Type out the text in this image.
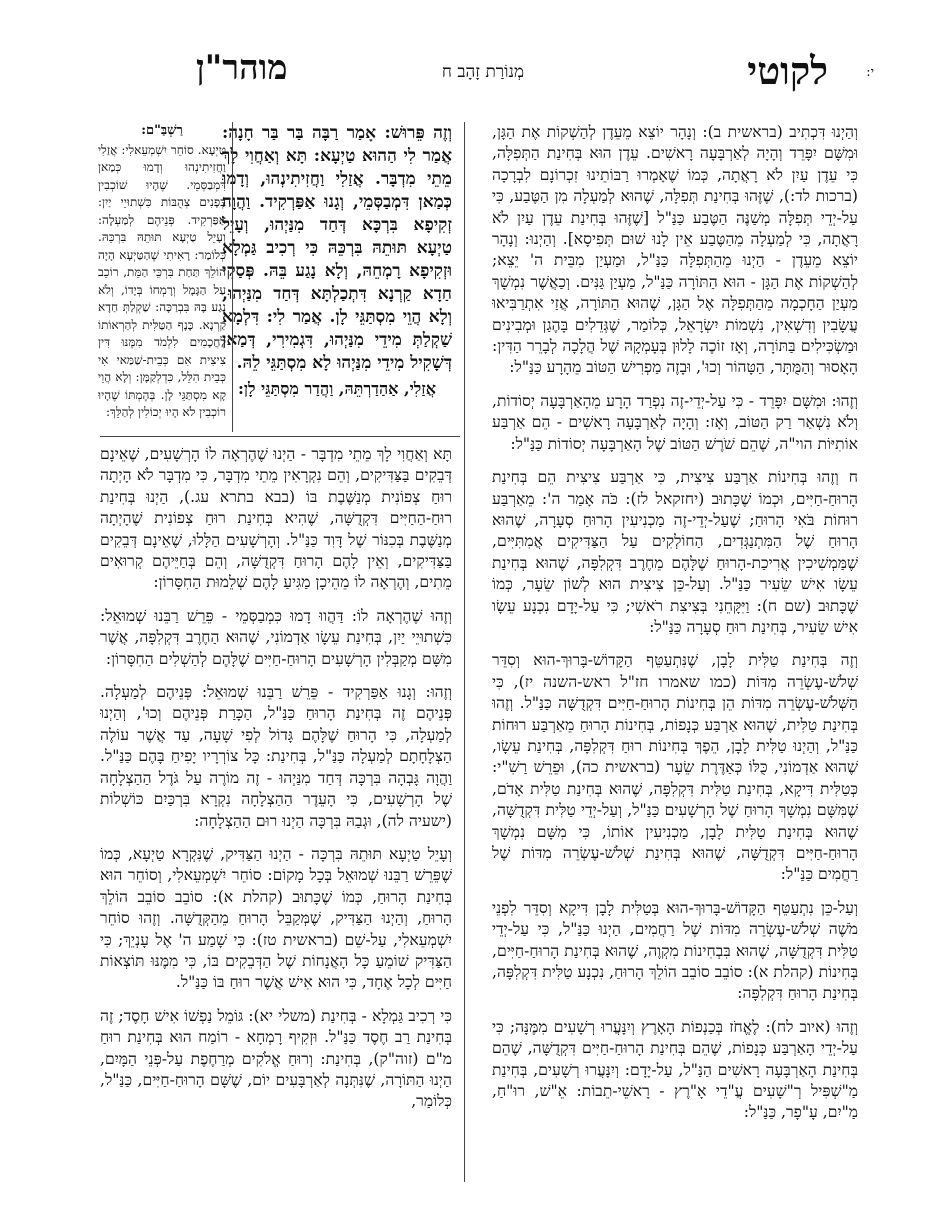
י:
לקוטי
מְנוֹרַת זָהָב ח
מוהר"ן

וְהַיְנוּ דִּכְתִיב (בראשית ב): וְנָהָר יוֹצֵא מֵעֵדֶן לְהַשְׁקוֹת אֶת הַגָּן, וּמִשָּׁם יִפָּרֵד וְהָיָה לְאַרְבָּעָה רָאשִׁים. עֵדֶן הוּא בְּחִינַת הַתְּפִלָּה, כִּי עֵדֶן עַיִן לֹא רָאֲתָה, כְּמוֹ שֶׁאָמְרוּ רַבּוֹתֵינוּ זִכְרוֹנָם לִבְרָכָה (ברכות לד:), שֶׁזֶּהוּ בְּחִינַת תְּפִלָּה, שֶׁהוּא לְמַעְלָה מִן הַטֶּבַע, כִּי עַל-יְדֵי תְּפִלָּה מְשַׁנֶּה הַטֶּבַע כַּנַּ"ל [שֶׁזֶּהוּ בְּחִינַת עֵדֶן עַיִן לֹא רָאֲתָה, כִּי לְמַעְלָה מֵהַטֶּבַע אֵין לָנוּ שׁוּם תְּפִיסָא]. וְהַיְנוּ: וְנָהָר יוֹצֵא מֵעֵדֶן - הַיְנוּ מֵהַתְּפִלָּה כַּנַּ"ל, וּמַעְיַן מִבֵּית ה' יֵצֵא; לְהַשְׁקוֹת אֶת הַגָּן - הוּא הַתּוֹרָה כַּנַּ"ל, מַעְיַן גַּנִּים. וְכַאֲשֶׁר נִמְשָׁךְ מַעְיַן הַחָכְמָה מֵהַתְּפִלָּה אֶל הַגָּן, שֶׁהוּא הַתּוֹרָה, אֲזַי אִתְרַבִּיאוּ עֲשָׂבִין וְדִשְׁאִין, נִשְׁמוֹת יִשְׂרָאֵל, כְּלוֹמַר, שֶׁגְּדֵלִים בָּהֶגַן וּמְבִינִים וּמַשְׂכִּילִים בַּתּוֹרָה, וְאָז זוֹכֶה לָלוּן בְּעָמְקָהּ שֶׁל הֲלָכָה לְבָרֵר הַדִּין: הָאָסוּר וְהַמֻּתָּר, הַטָּהוֹר וְכוּ', וּבָזֶה מַפְרִישׁ הַטּוֹב מֵהָרָע כַּנַּ"ל:

וְזֶהוּ: וּמִשָּׁם יִפָּרֵד - כִּי עַל-יְדֵי-זֶה נִפְרַד הָרָע מֵהָאַרְבָּעָה יְסוֹדוֹת, וְלֹא נִשְׁאַר רַק הַטּוֹב, וְאָז: וְהָיָה לְאַרְבָּעָה רָאשִׁים - הֵם אַרְבַּע אוֹתִיּוֹת הוי"ה, שֶׁהֵם שֹׁרֶשׁ הַטּוֹב שֶׁל הָאַרְבָּעָה יְסוֹדוֹת כַּנַּ"ל:

ח וְזֶהוּ בְּחִינוֹת אַרְבַּע צִיצִית, כִּי אַרְבַּע צִיצִית הֵם בְּחִינַת הָרוּחַ-חַיִּים, וּכְמוֹ שֶׁכָּתוּב (יחזקאל לז): כֹּה אָמַר ה': מֵאַרְבַּע רוּחוֹת בֹּאִי הָרוּחַ; שֶׁעַל-יְדֵי-זֶה מַכְנִיעִין הָרוּחַ סְעָרָה, שֶׁהוּא הָרוּחַ שֶׁל הַמִּתְנַגְּדִים, הַחוֹלְקִים עַל הַצַּדִּיקִים אֲמִתִּיִּים, שֶׁמַּמְשִׁיכִין אֲרִיכַת-הָרוּחַ שֶׁלָּהֶם מֵחֶרֶב דִּקְלִפָּה, שֶׁהוּא בְּחִינַת עֵשָׂו אִישׁ שֵׂעִיר כַּנַּ"ל. וְעַל-כֵּן צִיצִית הוּא לְשׁוֹן שֵׂעָר, כְּמוֹ שֶׁכָּתוּב (שם ח): וַיִּקָּחֵנִי בְּצִיצִת רֹאשִׁי; כִּי עַל-יָדָם נִכְנָע עֵשָׂו אִישׁ שֵׂעִיר, בְּחִינַת רוּחַ סְעָרָה כַּנַּ"ל:

וְזֶה בְּחִינַת טַלִּית לָבָן, שֶׁנִּתְעַטֵּף הַקָּדוֹשׁ-בָּרוּךְ-הוּא וְסִדֵּר שְׁלֹשׁ-עֶשְׂרֵה מִדּוֹת (כמו שאמרו חז"ל ראש-השנה יז), כִּי הַשְּׁלֹשׁ-עֶשְׂרֵה מִדּוֹת הֵן בְּחִינוֹת הָרוּחַ-חַיִּים דִּקְדֻשָּׁה כַּנַּ"ל. וְזֶהוּ בְּחִינַת טַלִּית, שֶׁהוּא אַרְבַּע כְּנָפוֹת, בְּחִינוֹת הָרוּחַ מֵאַרְבַּע רוּחוֹת כַּנַּ"ל, וְהַיְנוּ טַלִּית לָבָן, הֵפֶךְ בְּחִינוֹת רוּחַ דִּקְלִפָּה, בְּחִינַת עֵשָׂו, שֶׁהוּא אַדְמוֹנִי, כֻּלּוֹ כְּאַדֶּרֶת שֵׂעָר (בראשית כה), וּפֵרֵשׁ רַשִׁ"י: כְּטַלִּית דִּיקָא, בְּחִינַת טַלִּית דִּקְלִפָּה, שֶׁהוּא בְּחִינַת טַלִּית אָדֹם, שֶׁמִּשָּׁם נִמְשָׁךְ הָרוּחַ שֶׁל הָרְשָׁעִים כַּנַּ"ל, וְעַל-יְדֵי טַלִּית דִּקְדֻשָּׁה, שֶׁהוּא בְּחִינַת טַלִּית לָבָן, מַכְנִיעִין אוֹתוֹ, כִּי מִשָּׁם נִמְשָׁךְ הָרוּחַ-חַיִּים דִּקְדֻשָּׁה, שֶׁהוּא בְּחִינַת שְׁלֹשׁ-עֶשְׂרֵה מִדּוֹת שֶׁל רַחֲמִים כַּנַּ"ל:

וְעַל-כֵּן נִתְעַטֵּף הַקָּדוֹשׁ-בָּרוּךְ-הוּא בְּטַלִּית לָבָן דִּיקָא וְסִדֵּר לִפְנֵי מֹשֶׁה שְׁלֹשׁ-עֶשְׂרֵה מִדּוֹת שֶׁל רַחֲמִים, הַיְנוּ כַּנַּ"ל, כִּי עַל-יְדֵי טַלִּית דִּקְדֻשָּׁה, שֶׁהוּא בִּבְחִינוֹת מִקְוֶה, שֶׁהוּא בְּחִינַת הָרוּחַ-חַיִּים, בְּחִינוֹת (קהלת א): סוֹבֵב סוֹבֵב הוֹלֵךְ הָרוּחַ, נִכְנָע טַלִּית דִּקְלִפָּה, בְּחִינַת הָרוּחַ דִּקְלִפָּה:

וְזֶהוּ (איוב לח): לֶאֱחֹז בְּכַנְפוֹת הָאָרֶץ וְיִנָּעֲרוּ רְשָׁעִים מִמֶּנָּה; כִּי עַל-יְדֵי הָאַרְבַּע כְּנָפוֹת, שֶׁהֵם בְּחִינַת הָרוּחַ-חַיִּים דִּקְדֻשָּׁה, שֶׁהֵם בְּחִינַת הָאַרְבָּעָה רָאשִׁים הַנַּ"ל, עַל-יָדָם: וְיִנָּעֲרוּ רְשָׁעִים, בְּחִינַת מַ"שְׁפִּיל רְ"שָׁעִים עֲ"דֵי אָ"רֶץ - רָאשֵׁי-תֵבוֹת: אֵ"שׁ, רוּ"חַ, מַ"יִם, עָ"פָר, כַּנַּ"ל:

וְזֶה פֵּרוּשׁ: אָמַר רַבָּה בַּר בַּר חָנָה: אֲמַר לִי הַהוּא טַיְעָא: תָּא וְאַחֲוִי לָךְ מֵתֵי מִדְבָּר. אֲזַלִי וַחֲזִיתִינְהוּ, וְדָמוּ כְּמַאן דִּמְבַסְּמֵי, וְגָנוּ אַפַּרְקִיד. וַהֲוָה זְקִיפָא בִּרְכָּא דְּחַד מִנַּיְהוּ, וְעָיֵל טַיְעָא תּוּתֵהּ בִּרְכֵּהּ כִּי רְכִיב גַּמְלָא וּזְקִיפָא רָמְחֵהּ, וְלָא נָגַע בֵּהּ. פְּסַקִי חַדָא קַרְנָא דִּתְכַלְתָּא דְּחַד מִנַּיְהוּ, וְלָא הֲוֵי מִסְתַּגֵּי לָן. אֲמַר לִי: דִּלְמָא שַׁקְלַתְּ מִידֵי מִנַּיְהוּ, דִּגְמִירִי, דְּמַאן דְּשָׁקִיל מִידֵי מִנַּיְהוּ לָא מִסְתַּגֵּי לֵהּ.

אֲזַלִי, אַהַדַרְתֵּהּ, וַהֲדַר מִסְתַּגֵּי לָן:
רַשְׁבַּ"ם:
טַיְעָא. סוֹחֵר יִשְׁמְעֵאלִי: אֲזַלִי וַחֲזִיתִינְהוּ וְדָמוּ כְּמַאן דִּמְבַסְּמֵי. שֶׁהָיוּ שׁוֹכְבִין בְּפָנִים צְהֻבּוֹת כִּשְׁתוּיֵי יַיִן: אַפַּרְקִיד. פְּנֵיהֶם לְמַעְלָה: וְעָיֵל טַיְעָא תּוּתֵהּ בִּרְכֵּהּ. כְּלוֹמַר: רָאִיתִי שֶׁהַטַּיְעָא הָיָה הוֹלֵךְ תַּחַת בִּרְכֵּי הַמֵּת, רוֹכֵב עַל הַגָּמָל וְרָמְחוֹ בְּיָדוֹ, וְלֹא נָגַע בָּהּ בִּבְרַכָּה: שַׁקְלַתְּ חַדָא קַרְנָא. כָּנָף הַטַּלִּית לְהַרְאוֹתוֹ לַחֲכָמִים לִלְמֹד מִמֶּנּוּ דִּין צִיצִית אִם כְּבֵית-שַׁמַּאי אִי כְּבֵית הִלֵּל, כִּדְלְקַמָּן: וְלָא הֲוֵי קָא מִסְתַּגֵּי לָן. בְּהֶמְתּוֹ שֶׁהָיוּ רוֹכְבִין לֹא הָיוּ יְכוֹלִין לְהַלֵּךְ:

תָּא וְאַחֲוִי לָךְ מֵתֵי מִדְבָּר - הַיְנוּ שֶׁהֶרְאָה לוֹ הָרְשָׁעִים, שֶׁאֵינָם דְּבֵקִים בַּצַּדִּיקִים, וְהֵם נִקְרָאִין מֵתֵי מִדְבָּר, כִּי מִדְבָּר לֹא הָיְתָה רוּחַ צְפוֹנִית מְנַשֶּׁבֶת בּוֹ (בבא בתרא עג.), הַיְנוּ בְּחִינַת רוּחַ-הַחַיִּים דִּקְדֻשָּׁה, שֶׁהִיא בְּחִינַת רוּחַ צְפוֹנִית שֶׁהָיְתָה מְנַשֶּׁבֶת בְּכִנּוֹר שֶׁל דָּוִד כַּנַּ"ל. וְהָרְשָׁעִים הַלָּלוּ, שֶׁאֵינָם דְּבֵקִים בַּצַּדִּיקִים, וְאֵין לָהֶם הָרוּחַ דִּקְדֻשָּׁה, וְהֵם בְּחַיֵּיהֶם קְרוּאִים מֵתִים, וְהֶרְאָה לוֹ מֵהֵיכָן מַגִּיעַ לָהֶם שְׁלֵמוּת הַחִסָּרוֹן:

וְזֶהוּ שֶׁהֶרְאָה לוֹ: דַּהֲווּ דָמוּ כִּמְבַסְּמֵי - פֵּרֵשׁ רַבֵּנוּ שְׁמוּאֵל: כִּשְׁתוּיֵי יַיִן, בְּחִינַת עֵשָׂו אַדְמוֹנִי, שֶׁהוּא הַחֶרֶב דִּקְלִפָּה, אֲשֶׁר מִשָּׁם מְקַבְּלִין הָרְשָׁעִים הָרוּחַ-חַיִּים שֶׁלָּהֶם לְהַשְׁלִים הַחִסָּרוֹן:

וְזֶהוּ: וְגָנוּ אַפַּרְקִיד - פֵּרֵשׁ רַבֵּנוּ שְׁמוּאֵל: פְּנֵיהֶם לְמַעְלָה. פְּנֵיהֶם זֶה בְּחִינַת הָרוּחַ כַּנַּ"ל, הַכָּרַת פְּנֵיהֶם וְכוּ', וְהַיְנוּ לְמַעְלָה, כִּי הָרוּחַ שֶׁלָּהֶם גָּדוֹל לְפִי שָׁעָה, עַד אֲשֶׁר עוֹלֶה הַצְלָחָתָם לְמַעְלָה כַּנַּ"ל, בְּחִינַת: כָּל צוֹרְרָיו יָפִיחַ בָּהֶם כַּנַּ"ל. וַהֲוָה גָּבְהָה בִּרְכָּה דְּחַד מִנַּיְהוּ - זֶה מוֹרֶה עַל גֹּדֶל הַהַצְלָחָה שֶׁל הָרְשָׁעִים, כִּי הָעֵדֶר הַהַצְלָחָה נִקְרָא בִּרְכַּיִם כּוֹשְׁלוֹת (ישעיה לה), וּגְבַהּ בִּרְכָּה הַיְנוּ רוּם הַהַצְלָחָה:

וְעָיֵל טַיְעָא תּוּתֵהּ בִּרְכָּה - הַיְנוּ הַצַּדִּיק, שֶׁנִּקְרָא טַיְעָא, כְּמוֹ שֶׁפֵּרֵשׁ רַבֵּנוּ שְׁמוּאֵל בְּכָל מָקוֹם: סוֹחֵר יִשְׁמְעֵאלִי, וְסוֹחֵר הוּא בְּחִינַת הָרוּחַ, כְּמוֹ שֶׁכָּתוּב (קהלת א): סוֹבֵב סוֹבֵב הוֹלֵךְ הָרוּחַ, וְהַיְנוּ הַצַּדִּיק, שֶׁמְּקַבֵּל הָרוּחַ מֵהַקְּדֻשָּׁה. וְזֶהוּ סוֹחֵר יִשְׁמְעֵאלִי, עַל-שֵׁם (בראשית טז): כִּי שָׁמַע ה' אֶל עָנְיֵךְ; כִּי הַצַּדִּיק שׁוֹמֵעַ כָּל הָאֲנָחוֹת שֶׁל הַדְּבֵקִים בּוֹ, כִּי מִמֶּנּוּ תּוֹצְאוֹת חַיִּים לְכָל אֶחָד, כִּי הוּא אִישׁ אֲשֶׁר רוּחַ בּוֹ כַּנַּ"ל.

כִּי רְכִיב גַּמְלָא - בְּחִינַת (משלי יא): גּוֹמֵל נַפְשׁוֹ אִישׁ חָסֶד; זֶה בְּחִינַת רַב חֶסֶד כַּנַּ"ל. וּזְקִיף רָמְחָא - רוֹמַח הוּא בְּחִינַת רוּחַ מ"ם (זוה"ק), בְּחִינַת: וְרוּחַ אֱלֹקִים מְרַחֶפֶת עַל-פְּנֵי הַמָּיִם, הַיְנוּ הַתּוֹרָה, שֶׁנִּתְּנָה לְאַרְבָּעִים יוֹם, שֶׁשָּׁם הָרוּחַ-חַיִּים, כַּנַּ"ל, כְּלוֹמַר,
